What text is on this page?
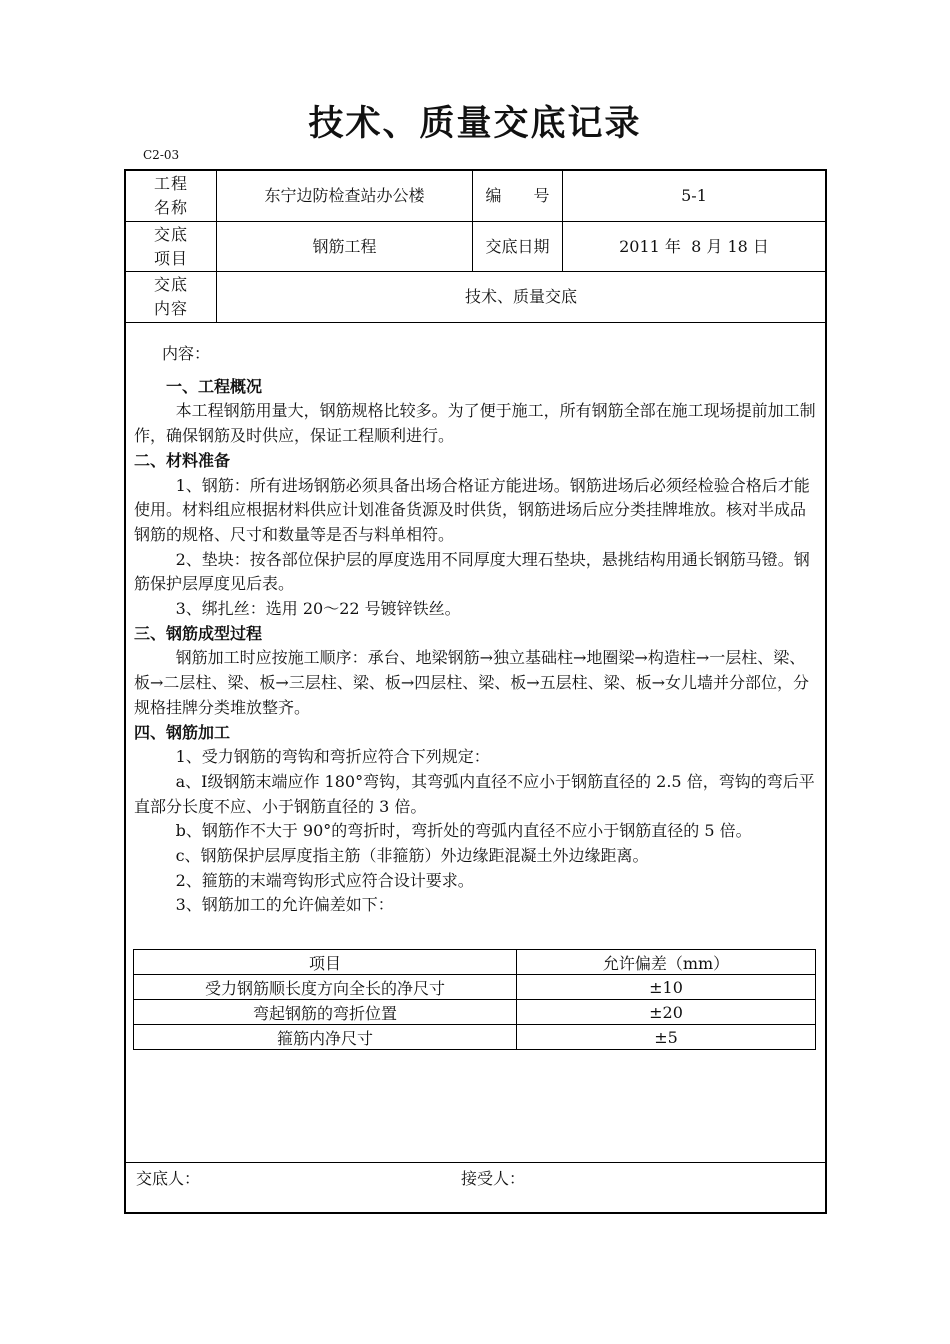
技术、质量交底记录
C2-03
工程
名称
东宁边防检查站办公楼	编　　号	5-1
交底
项目
钢筋工程	交底日期	2011 年  8 月 18 日
交底
内容
技术、质量交底

内容：

一、工程概况

本工程钢筋用量大，钢筋规格比较多。为了便于施工，所有钢筋全部在施工现场提前加工制作，确保钢筋及时供应，保证工程顺利进行。

二、材料准备

1、钢筋：所有进场钢筋必须具备出场合格证方能进场。钢筋进场后必须经检验合格后才能使用。材料组应根据材料供应计划准备货源及时供货，钢筋进场后应分类挂牌堆放。核对半成品钢筋的规格、尺寸和数量等是否与料单相符。

2、垫块：按各部位保护层的厚度选用不同厚度大理石垫块，悬挑结构用通长钢筋马镫。钢筋保护层厚度见后表。

3、绑扎丝：选用 20～22 号镀锌铁丝。

三、钢筋成型过程

钢筋加工时应按施工顺序：承台、地梁钢筋→独立基础柱→地圈梁→构造柱→一层柱、梁、板→二层柱、梁、板→三层柱、梁、板→四层柱、梁、板→五层柱、梁、板→女儿墙并分部位，分规格挂牌分类堆放整齐。

四、钢筋加工

1、受力钢筋的弯钩和弯折应符合下列规定：

a、Ⅰ级钢筋末端应作 180°弯钩，其弯弧内直径不应小于钢筋直径的 2.5 倍，弯钩的弯后平直部分长度不应、小于钢筋直径的 3 倍。

b、钢筋作不大于 90°的弯折时，弯折处的弯弧内直径不应小于钢筋直径的 5 倍。

c、钢筋保护层厚度指主筋（非箍筋）外边缘距混凝土外边缘距离。

2、箍筋的末端弯钩形式应符合设计要求。

3、钢筋加工的允许偏差如下：

项目	允许偏差（mm）
受力钢筋顺长度方向全长的净尺寸	±10
弯起钢筋的弯折位置	±20
箍筋内净尺寸	±5
交底人：	接受人：
